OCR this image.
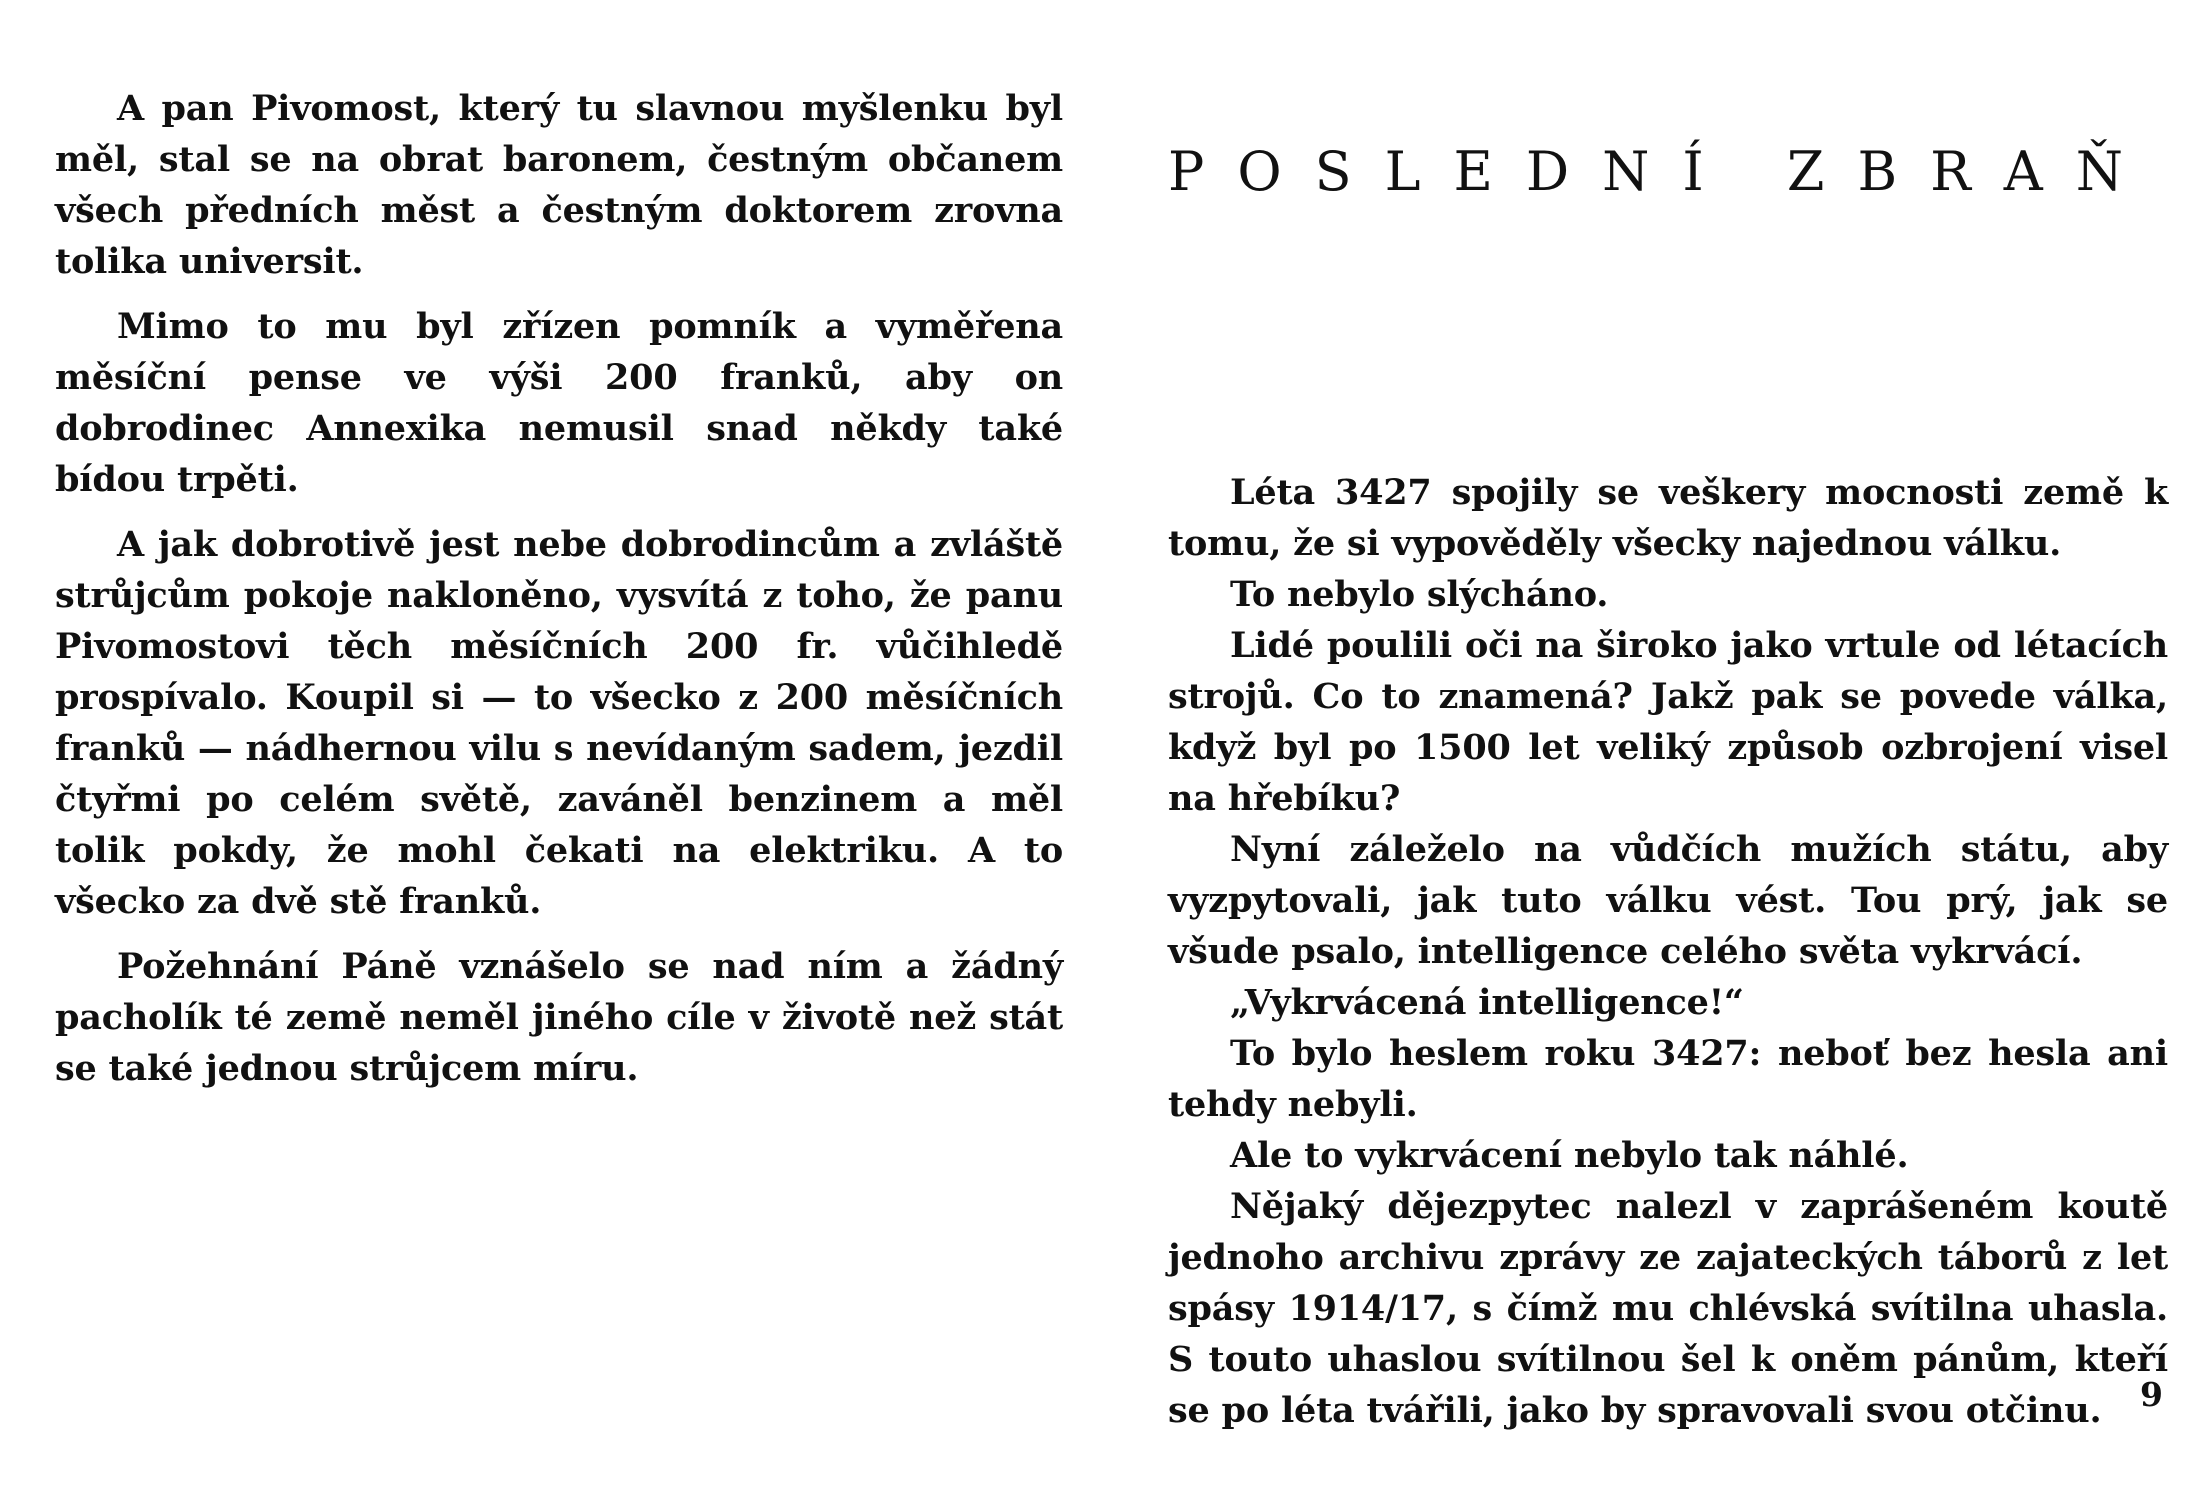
A pan Pivomost, který tu slavnou myšlenku byl měl, stal se na obrat baronem, čestným občanem všech předních měst a čestným doktorem zrovna tolika universit.

Mimo to mu byl zřízen pomník a vyměřena měsíční pense ve výši 200 franků, aby on dobrodinec Annexika nemusil snad někdy také bídou trpěti.

A jak dobrotivě jest nebe dobrodincům a zvláště strůjcům pokoje nakloněno, vysvítá z toho, že panu Pivomostovi těch měsíčních 200 fr. vůčihledě prospívalo. Koupil si — to všecko z 200 měsíčních franků — nádhernou vilu s nevídaným sadem, jezdil čtyřmi po celém světě, zaváněl benzinem a měl tolik pokdy, že mohl čekati na elektriku. A to všecko za dvě stě franků.

Požehnání Páně vznášelo se nad ním a žádný pacholík té země neměl jiného cíle v životě než stát se také jednou strůjcem míru.

POSLEDNÍ ZBRAŇ

Léta 3427 spojily se veškery mocnosti země k tomu, že si vypověděly všecky najednou válku.

To nebylo slýcháno.

Lidé poulili oči na široko jako vrtule od létacích strojů. Co to znamená? Jakž pak se povede válka, když byl po 1500 let veliký způsob ozbrojení visel na hřebíku?

Nyní záleželo na vůdčích mužích státu, aby vyzpytovali, jak tuto válku vést. Tou prý, jak se všude psalo, intelligence celého světa vykrvácí.

„Vykrvácená intelligence!“

To bylo heslem roku 3427: neboť bez hesla ani tehdy nebyli.

Ale to vykrvácení nebylo tak náhlé.

Nějaký dějezpytec nalezl v zaprášeném koutě jednoho archivu zprávy ze zajateckých táborů z let spásy 1914/17, s čímž mu chlévská svítilna uhasla. S touto uhaslou svítilnou šel k oněm pánům, kteří se po léta tvářili, jako by spravovali svou otčinu.	9
